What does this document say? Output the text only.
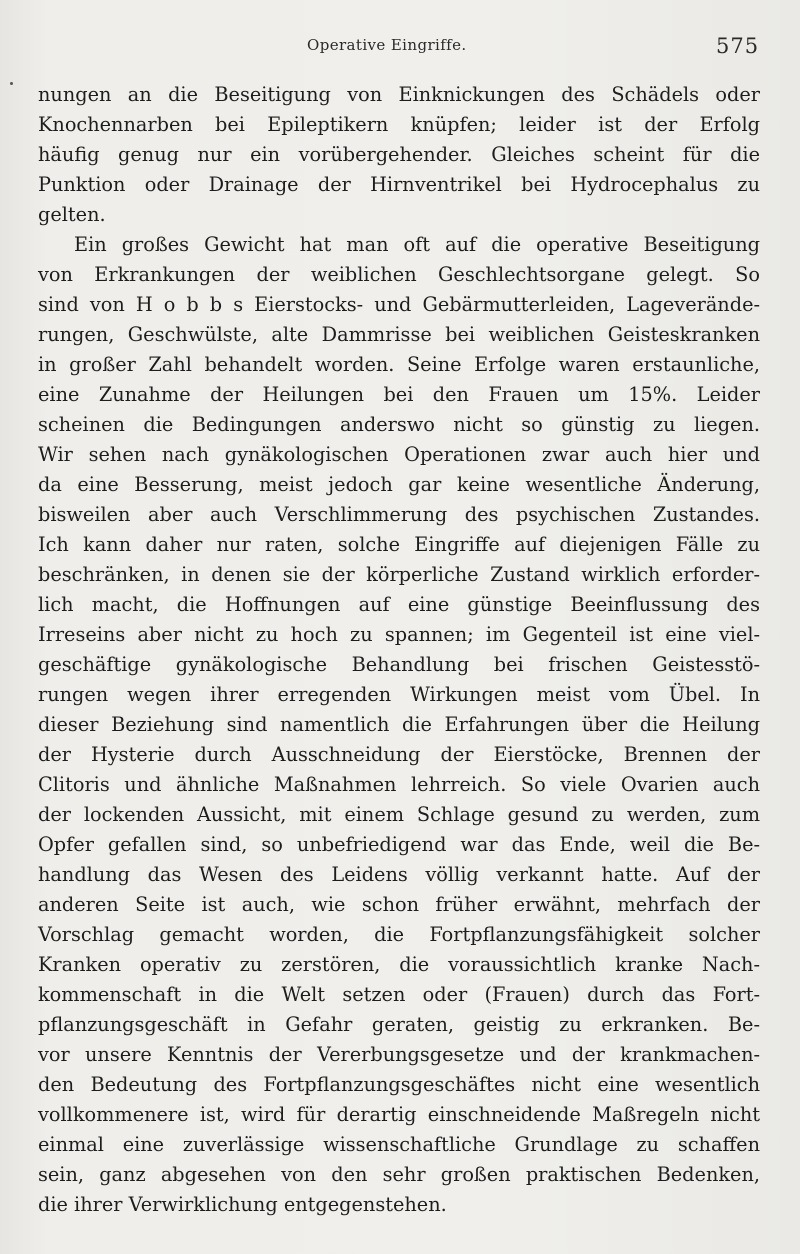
Operative Eingriffe.	575
nungen an die Beseitigung von Einknickungen des Schädels oder
Knochennarben bei Epileptikern knüpfen; leider ist der Erfolg
häufig genug nur ein vorübergehender. Gleiches scheint für die
Punktion oder Drainage der Hirnventrikel bei Hydrocephalus zu
gelten.
Ein großes Gewicht hat man oft auf die operative Beseitigung
von Erkrankungen der weiblichen Geschlechtsorgane gelegt. So
sind von H o b b s Eierstocks- und Gebärmutterleiden, Lageverände-
rungen, Geschwülste, alte Dammrisse bei weiblichen Geisteskranken
in großer Zahl behandelt worden. Seine Erfolge waren erstaunliche,
eine Zunahme der Heilungen bei den Frauen um 15%. Leider
scheinen die Bedingungen anderswo nicht so günstig zu liegen.
Wir sehen nach gynäkologischen Operationen zwar auch hier und
da eine Besserung, meist jedoch gar keine wesentliche Änderung,
bisweilen aber auch Verschlimmerung des psychischen Zustandes.
Ich kann daher nur raten, solche Eingriffe auf diejenigen Fälle zu
beschränken, in denen sie der körperliche Zustand wirklich erforder-
lich macht, die Hoffnungen auf eine günstige Beeinflussung des
Irreseins aber nicht zu hoch zu spannen; im Gegenteil ist eine viel-
geschäftige gynäkologische Behandlung bei frischen Geistesstö-
rungen wegen ihrer erregenden Wirkungen meist vom Übel. In
dieser Beziehung sind namentlich die Erfahrungen über die Heilung
der Hysterie durch Ausschneidung der Eierstöcke, Brennen der
Clitoris und ähnliche Maßnahmen lehrreich. So viele Ovarien auch
der lockenden Aussicht, mit einem Schlage gesund zu werden, zum
Opfer gefallen sind, so unbefriedigend war das Ende, weil die Be-
handlung das Wesen des Leidens völlig verkannt hatte. Auf der
anderen Seite ist auch, wie schon früher erwähnt, mehrfach der
Vorschlag gemacht worden, die Fortpflanzungsfähigkeit solcher
Kranken operativ zu zerstören, die voraussichtlich kranke Nach-
kommenschaft in die Welt setzen oder (Frauen) durch das Fort-
pflanzungsgeschäft in Gefahr geraten, geistig zu erkranken. Be-
vor unsere Kenntnis der Vererbungsgesetze und der krankmachen-
den Bedeutung des Fortpflanzungsgeschäftes nicht eine wesentlich
vollkommenere ist, wird für derartig einschneidende Maßregeln nicht
einmal eine zuverlässige wissenschaftliche Grundlage zu schaffen
sein, ganz abgesehen von den sehr großen praktischen Bedenken,
die ihrer Verwirklichung entgegenstehen.
